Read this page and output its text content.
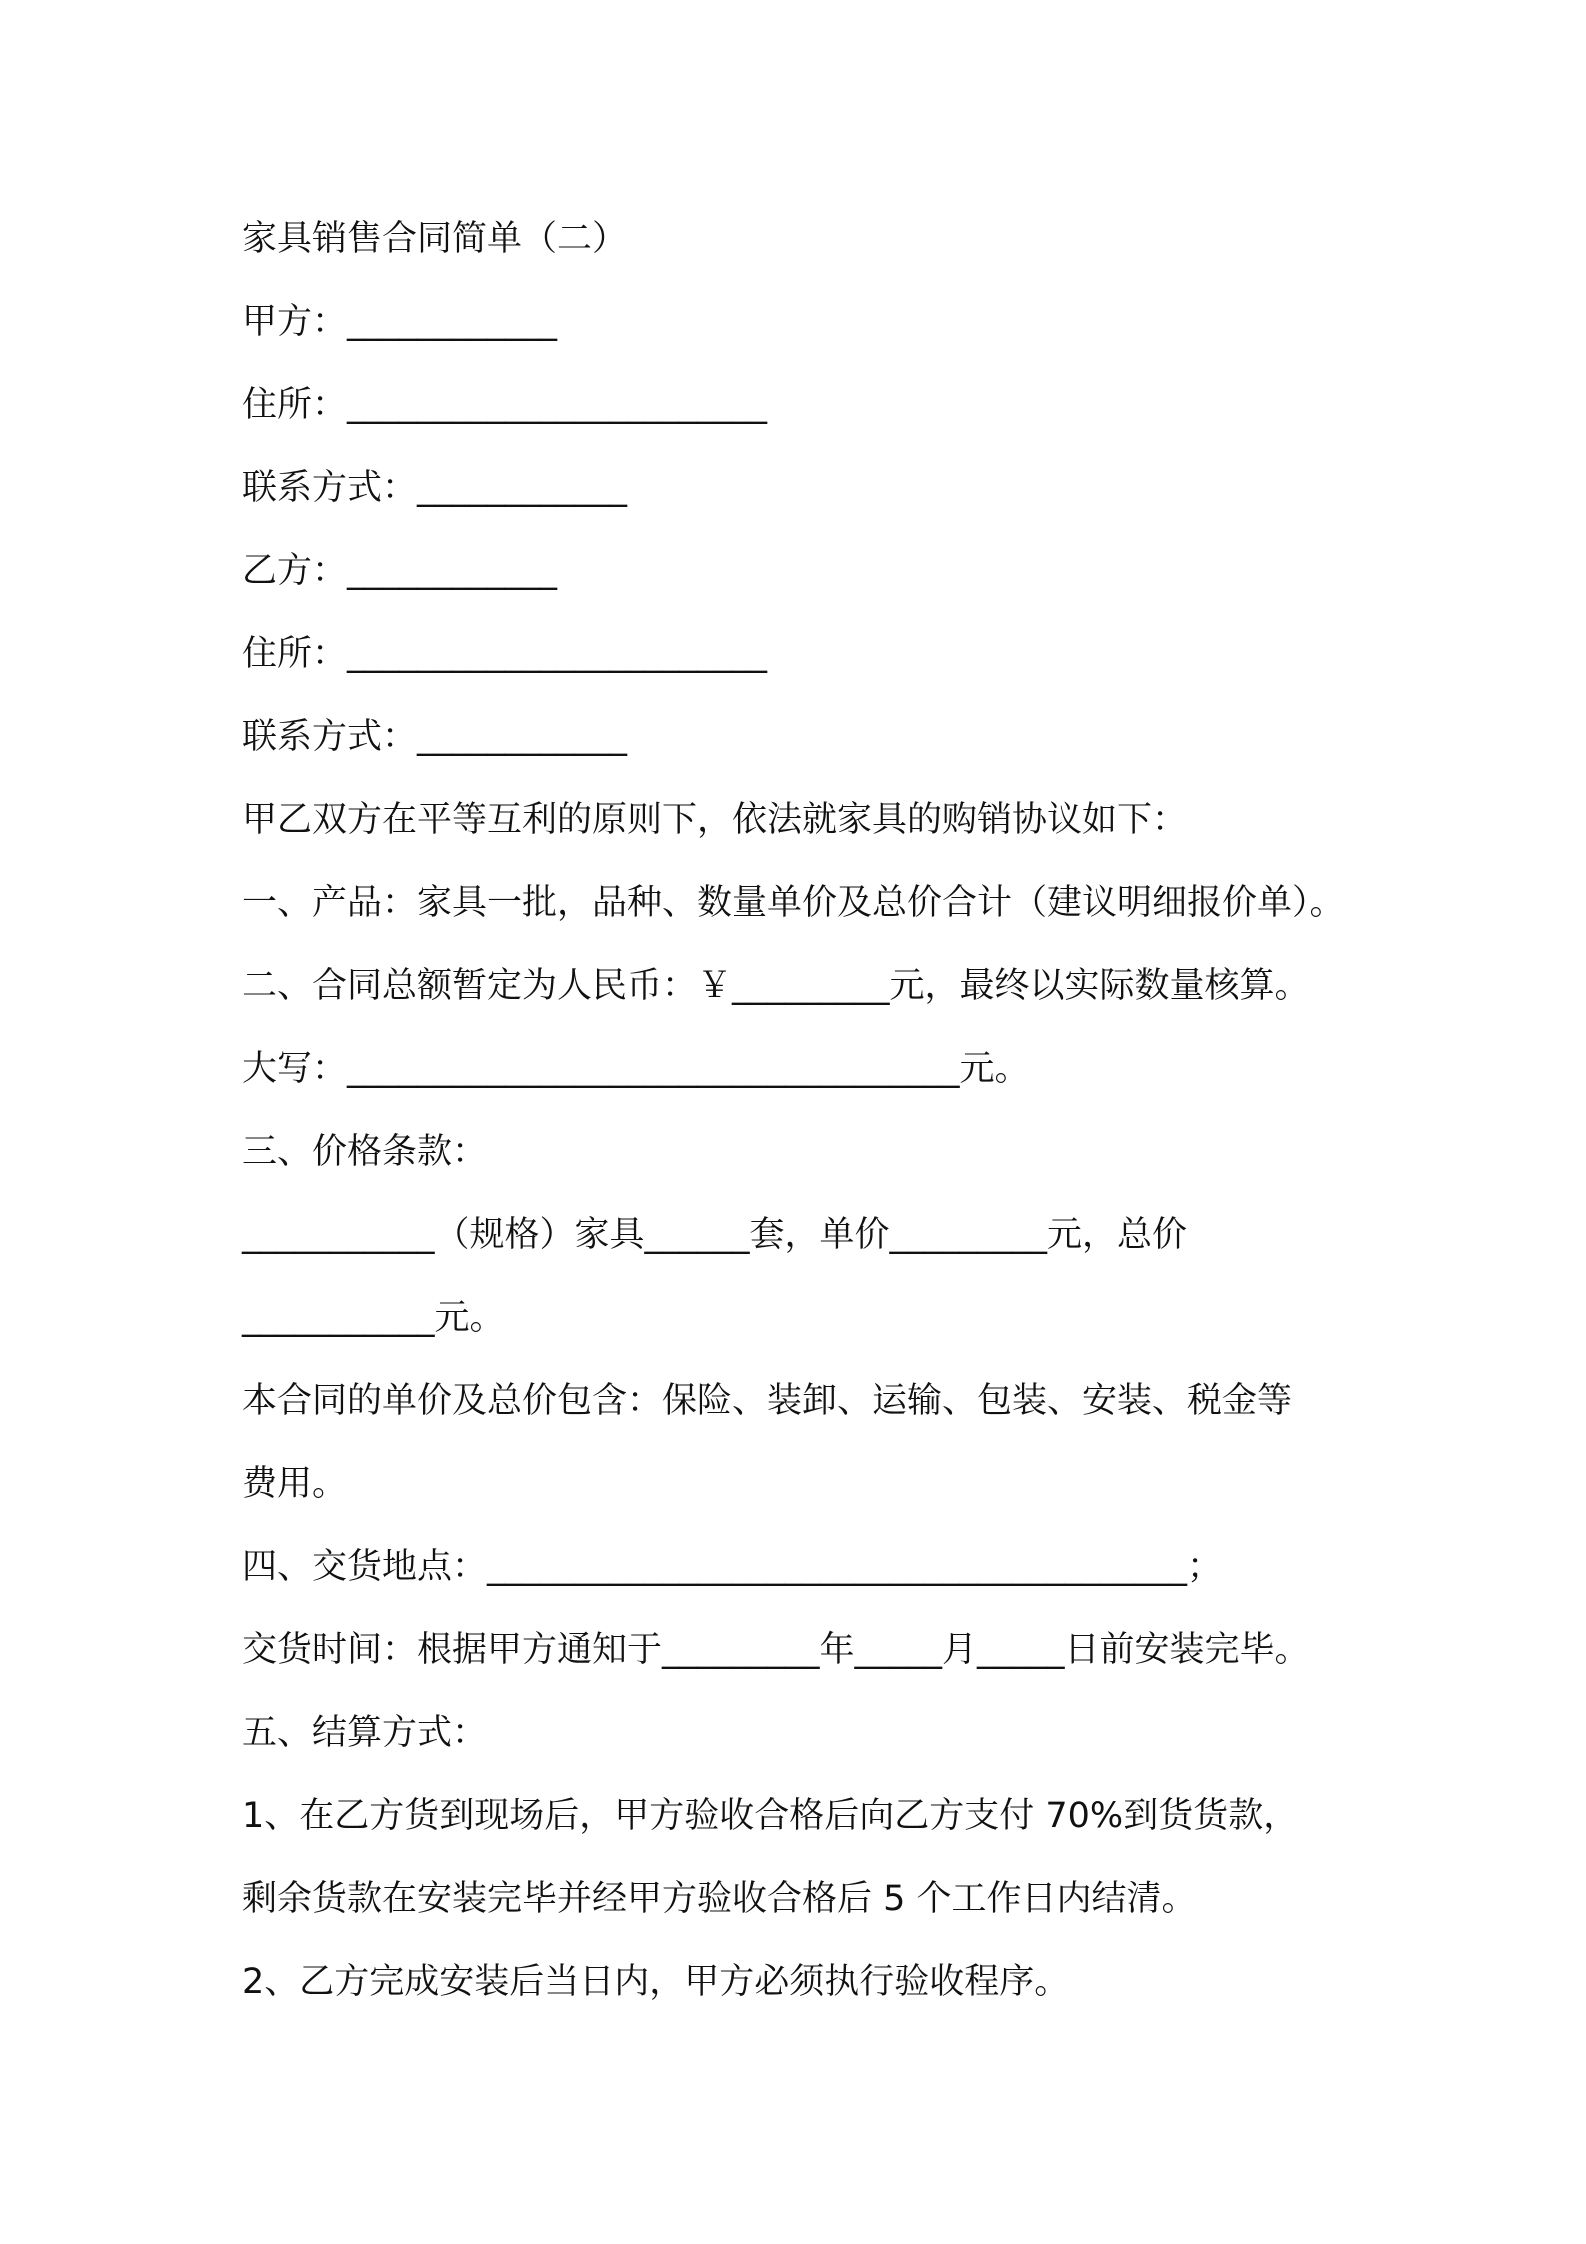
家具销售合同简单（二）
甲方：____________
住所：________________________
联系方式：____________
乙方：____________
住所：________________________
联系方式：____________
甲乙双方在平等互利的原则下，依法就家具的购销协议如下：
一、产品：家具一批，品种、数量单价及总价合计（建议明细报价单）。
二、合同总额暂定为人民币：￥_________元，最终以实际数量核算。
大写：___________________________________元。
三、价格条款：
___________（规格）家具______套，单价_________元，总价
___________元。
本合同的单价及总价包含：保险、装卸、运输、包装、安装、税金等
费用。
四、交货地点：________________________________________；
交货时间：根据甲方通知于_________年_____月_____日前安装完毕。
五、结算方式：
1、在乙方货到现场后，甲方验收合格后向乙方支付 70%到货货款，
剩余货款在安装完毕并经甲方验收合格后 5 个工作日内结清。
2、乙方完成安装后当日内，甲方必须执行验收程序。
